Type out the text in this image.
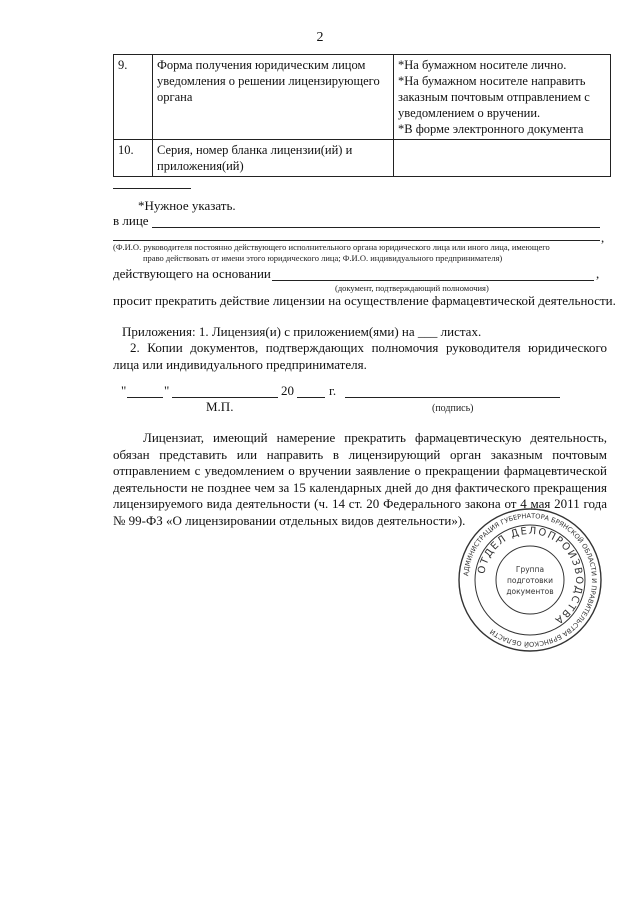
2
9.	Форма получения юридическим лицом уведомления о решении лицензирующего органа	*На бумажном носителе лично.
*На бумажном носителе направить заказным почтовым отправлением с уведомлением о вручении.
*В форме электронного документа

10.	Серия, номер бланка лицензии(ий) и приложения(ий)	
*Нужное указать.
в лице
,
(Ф.И.О. руководителя постоянно действующего исполнительного органа юридического лица или иного лица, имеющего
право действовать от имени этого юридического лица; Ф.И.О. индивидуального предпринимателя)
действующего на основании	,
(документ, подтверждающий полномочия)
просит прекратить действие лицензии на осуществление фармацевтической деятельности.
Приложения: 1. Лицензия(и) с приложением(ями) на ___ листах.
2. Копии документов, подтверждающих полномочия руководителя юридического лица или индивидуального предпринимателя.
"	"	20	г.
М.П.	(подпись)
Лицензиат, имеющий намерение прекратить фармацевтическую деятельность, обязан представить или направить в лицензирующий орган заказным почтовым отправлением с уведомлением о вручении заявление о прекращении фармацевтической деятельности не позднее чем за 15 календарных дней до дня фактического прекращения лицензируемого вида деятельности (ч. 14 ст. 20 Федерального закона от 4 мая 2011 года № 99-ФЗ «О лицензировании отдельных видов деятельности»).
АДМИНИСТРАЦИЯ ГУБЕРНАТОРА БРЯНСКОЙ ОБЛАСТИ И ПРАВИТЕЛЬСТВА БРЯНСКОЙ ОБЛАСТИ
ОТДЕЛ ДЕЛОПРОИЗВОДСТВА
Группа
подготовки
документов
